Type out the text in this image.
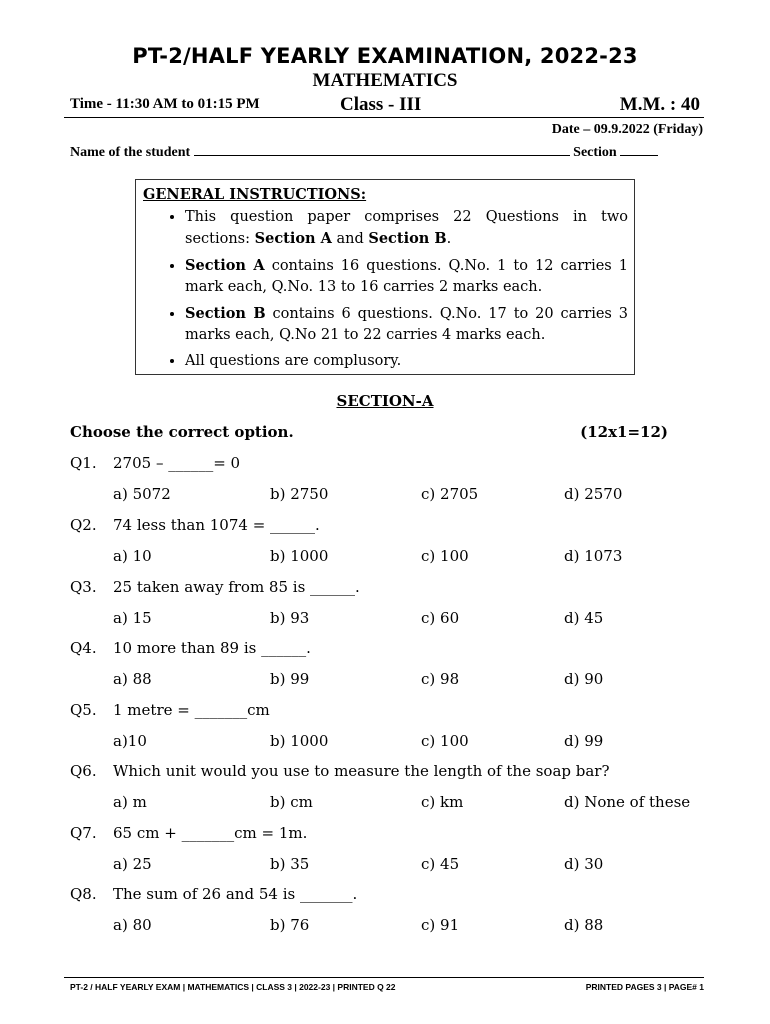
PT-2/HALF YEARLY EXAMINATION, 2022-23
MATHEMATICS
Time - 11:30 AM to 01:15 PM	Class - III	M.M. : 40
Date – 09.9.2022 (Friday)
Name of the student	Section
GENERAL INSTRUCTIONS:
• This question paper comprises 22 Questions in two sections: Section A and Section B.
• Section A contains 16 questions. Q.No. 1 to 12 carries 1 mark each, Q.No. 13 to 16 carries 2 marks each.
• Section B contains 6 questions. Q.No. 17 to 20 carries 3 marks each, Q.No 21 to 22 carries 4 marks each.
• All questions are complusory.
SECTION-A
Choose the correct option.	(12x1=12)
Q1. 2705 – ______= 0
a) 5072	b) 2750	c) 2705	d) 2570
Q2. 74 less than 1074 = ______.
a) 10	b) 1000	c) 100	d) 1073
Q3. 25 taken away from 85 is ______.
a) 15	b) 93	c) 60	d) 45
Q4. 10 more than 89 is ______.
a) 88	b) 99	c) 98	d) 90
Q5. 1 metre = _______cm
a)10	b) 1000	c) 100	d) 99
Q6. Which unit would you use to measure the length of the soap bar?
a) m	b) cm	c) km	d) None of these
Q7. 65 cm + _______cm = 1m.
a) 25	b) 35	c) 45	d) 30
Q8. The sum of 26 and 54 is _______.
a) 80	b) 76	c) 91	d) 88
PT-2 / HALF YEARLY EXAM | MATHEMATICS | CLASS 3 | 2022-23 | PRINTED Q 22	PRINTED PAGES 3 | PAGE# 1
